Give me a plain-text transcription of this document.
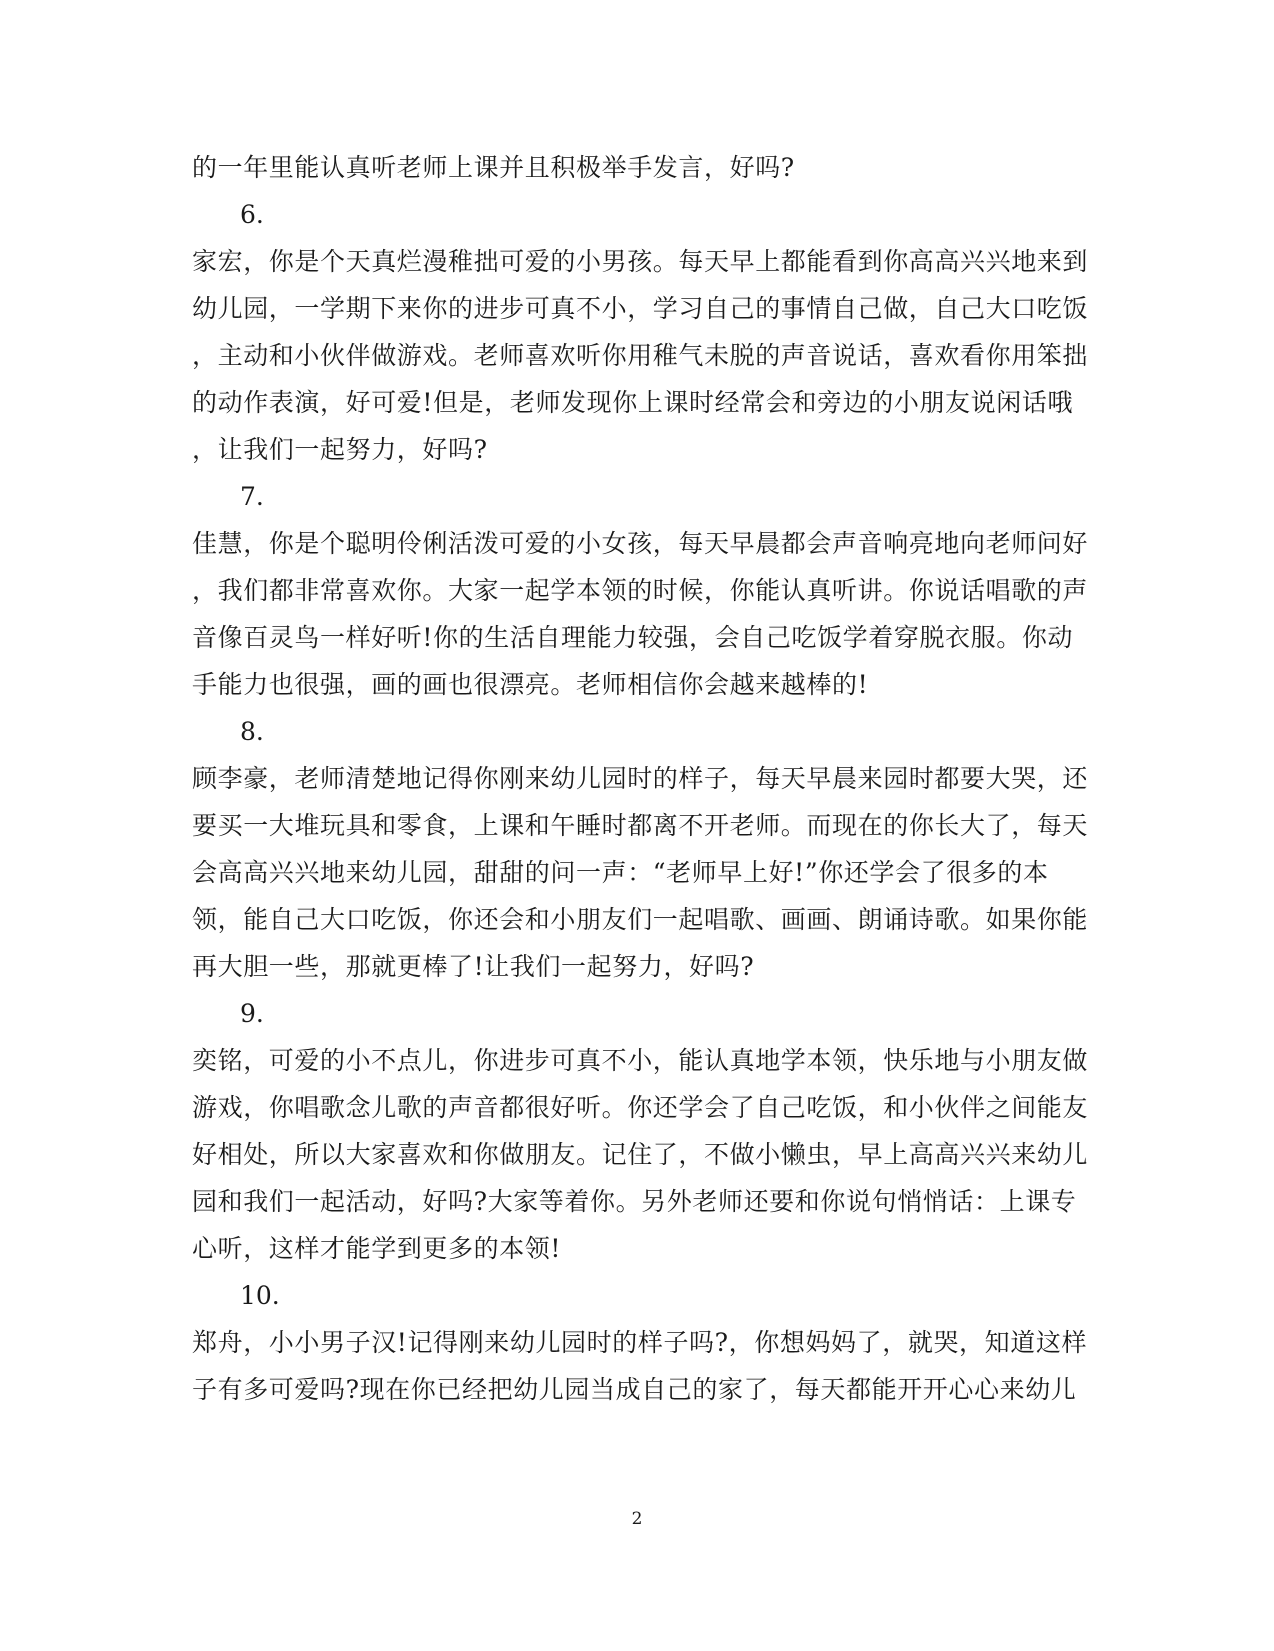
的一年里能认真听老师上课并且积极举手发言，好吗?
6.
家宏，你是个天真烂漫稚拙可爱的小男孩。每天早上都能看到你高高兴兴地来到
幼儿园，一学期下来你的进步可真不小，学习自己的事情自己做，自己大口吃饭
，主动和小伙伴做游戏。老师喜欢听你用稚气未脱的声音说话，喜欢看你用笨拙
的动作表演，好可爱!但是，老师发现你上课时经常会和旁边的小朋友说闲话哦
，让我们一起努力，好吗?
7.
佳慧，你是个聪明伶俐活泼可爱的小女孩，每天早晨都会声音响亮地向老师问好
，我们都非常喜欢你。大家一起学本领的时候，你能认真听讲。你说话唱歌的声
音像百灵鸟一样好听!你的生活自理能力较强，会自己吃饭学着穿脱衣服。你动
手能力也很强，画的画也很漂亮。老师相信你会越来越棒的!
8.
顾李豪，老师清楚地记得你刚来幼儿园时的样子，每天早晨来园时都要大哭，还
要买一大堆玩具和零食，上课和午睡时都离不开老师。而现在的你长大了，每天
会高高兴兴地来幼儿园，甜甜的问一声：“老师早上好!”你还学会了很多的本
领，能自己大口吃饭，你还会和小朋友们一起唱歌、画画、朗诵诗歌。如果你能
再大胆一些，那就更棒了!让我们一起努力，好吗?
9.
奕铭，可爱的小不点儿，你进步可真不小，能认真地学本领，快乐地与小朋友做
游戏，你唱歌念儿歌的声音都很好听。你还学会了自己吃饭，和小伙伴之间能友
好相处，所以大家喜欢和你做朋友。记住了，不做小懒虫，早上高高兴兴来幼儿
园和我们一起活动，好吗?大家等着你。另外老师还要和你说句悄悄话：上课专
心听，这样才能学到更多的本领!
10.
郑舟，小小男子汉!记得刚来幼儿园时的样子吗?，你想妈妈了，就哭，知道这样
子有多可爱吗?现在你已经把幼儿园当成自己的家了，每天都能开开心心来幼儿
2
